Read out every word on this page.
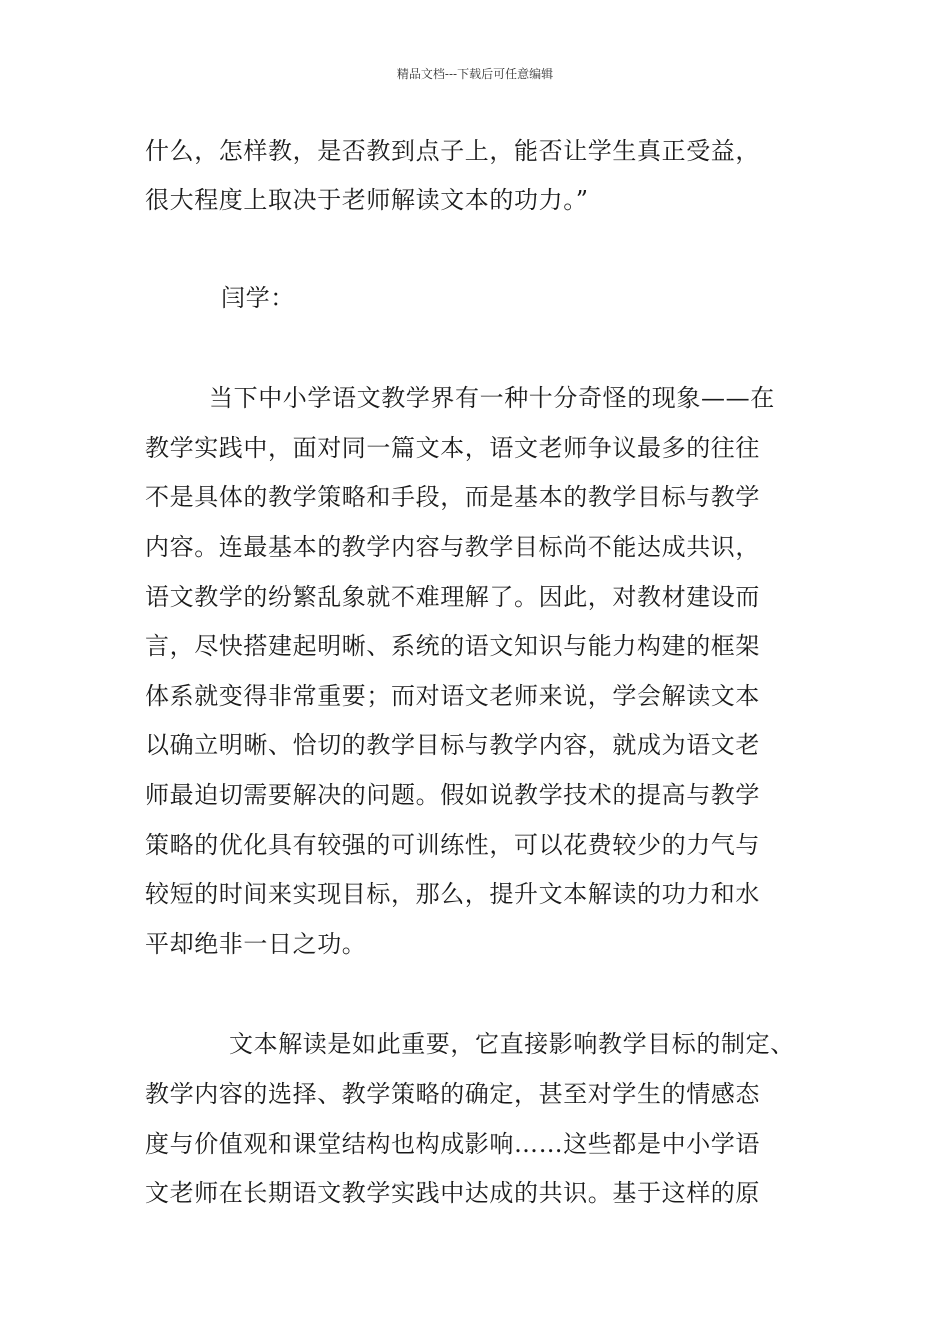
精品文档---下载后可任意编辑
什么，怎样教，是否教到点子上，能否让学生真正受益，
很大程度上取决于老师解读文本的功力。”
闫学：
当下中小学语文教学界有一种十分奇怪的现象——在
教学实践中，面对同一篇文本，语文老师争议最多的往往
不是具体的教学策略和手段，而是基本的教学目标与教学
内容。连最基本的教学内容与教学目标尚不能达成共识，
语文教学的纷繁乱象就不难理解了。因此，对教材建设而
言，尽快搭建起明晰、系统的语文知识与能力构建的框架
体系就变得非常重要；而对语文老师来说，学会解读文本
以确立明晰、恰切的教学目标与教学内容，就成为语文老
师最迫切需要解决的问题。假如说教学技术的提高与教学
策略的优化具有较强的可训练性，可以花费较少的力气与
较短的时间来实现目标，那么，提升文本解读的功力和水
平却绝非一日之功。
文本解读是如此重要，它直接影响教学目标的制定、
教学内容的选择、教学策略的确定，甚至对学生的情感态
度与价值观和课堂结构也构成影响……这些都是中小学语
文老师在长期语文教学实践中达成的共识。基于这样的原
